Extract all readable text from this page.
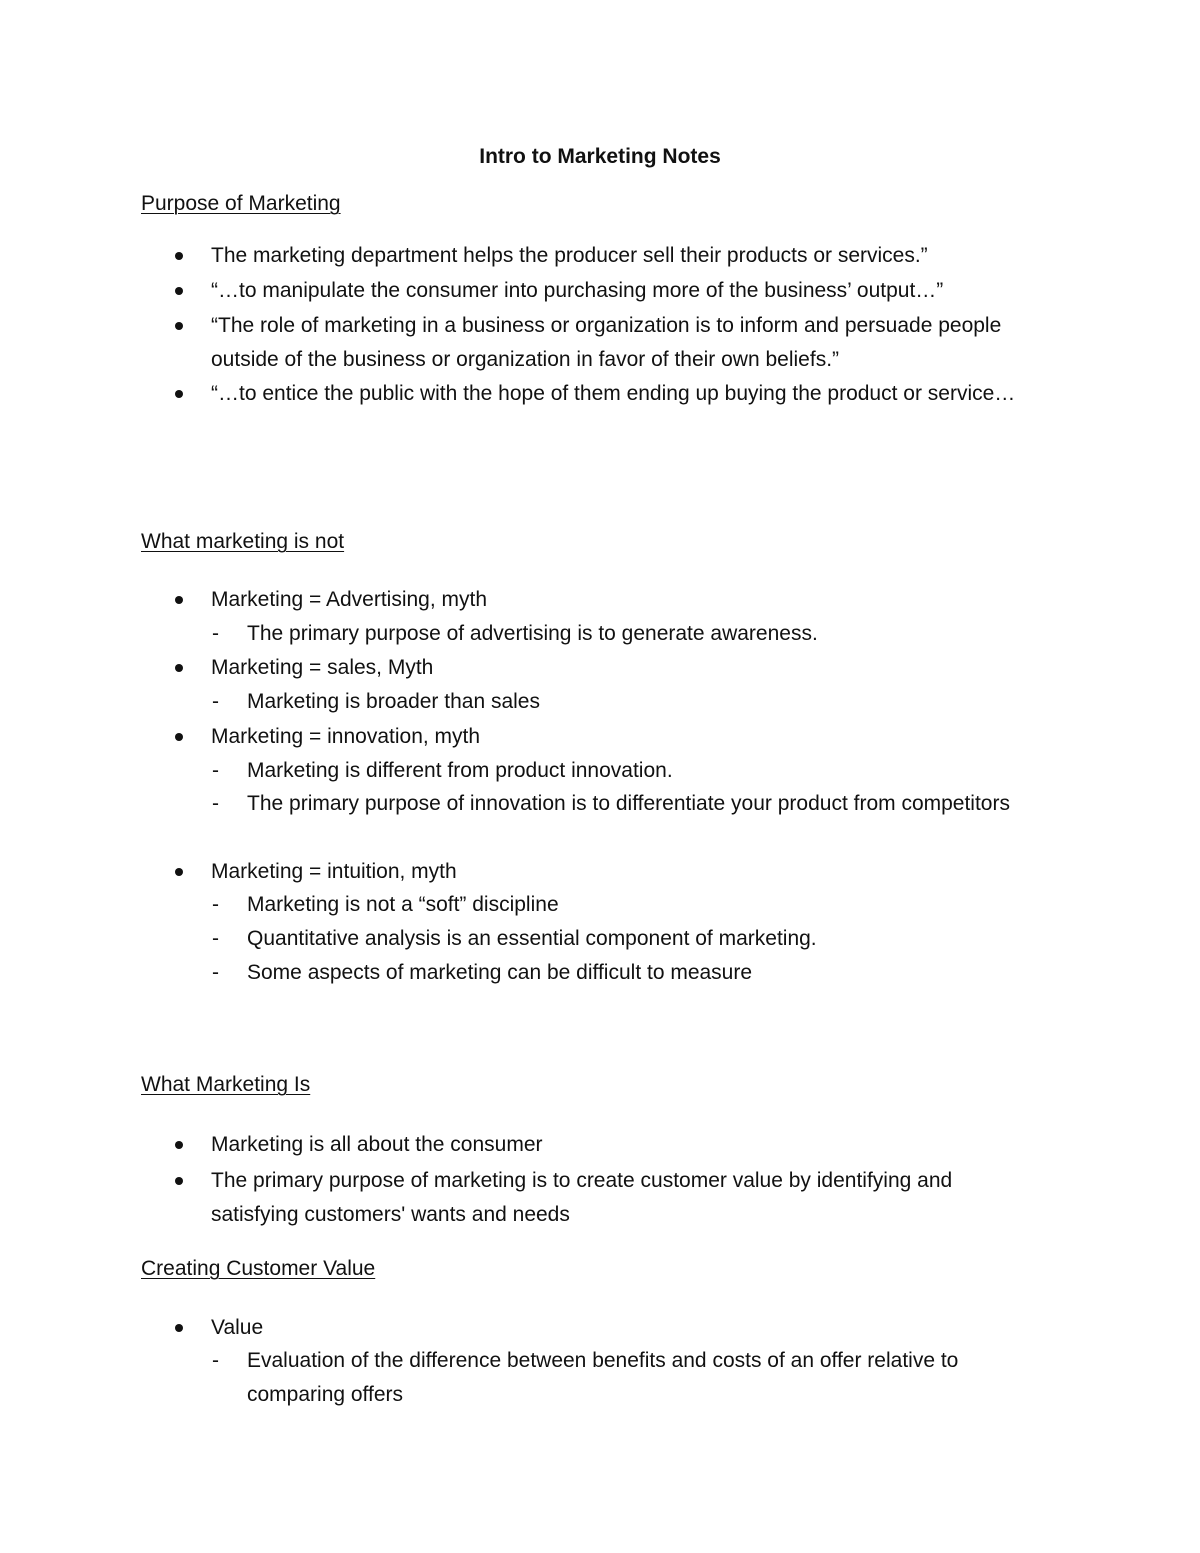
Intro to Marketing Notes
Purpose of Marketing
The marketing department helps the producer sell their products or services.”
“…to manipulate the consumer into purchasing more of the business’ output…”
“The role of marketing in a business or organization is to inform and persuade people outside of the business or organization in favor of their own beliefs.”
“…to entice the public with the hope of them ending up buying the product or service…
What marketing is not
Marketing = Advertising, myth
- The primary purpose of advertising is to generate awareness.
Marketing = sales, Myth
- Marketing is broader than sales
Marketing = innovation, myth
- Marketing is different from product innovation.
- The primary purpose of innovation is to differentiate your product from competitors
Marketing = intuition, myth
- Marketing is not a “soft” discipline
- Quantitative analysis is an essential component of marketing.
- Some aspects of marketing can be difficult to measure
What Marketing Is
Marketing is all about the consumer
The primary purpose of marketing is to create customer value by identifying and satisfying customers' wants and needs
Creating Customer Value
Value
- Evaluation of the difference between benefits and costs of an offer relative to comparing offers
